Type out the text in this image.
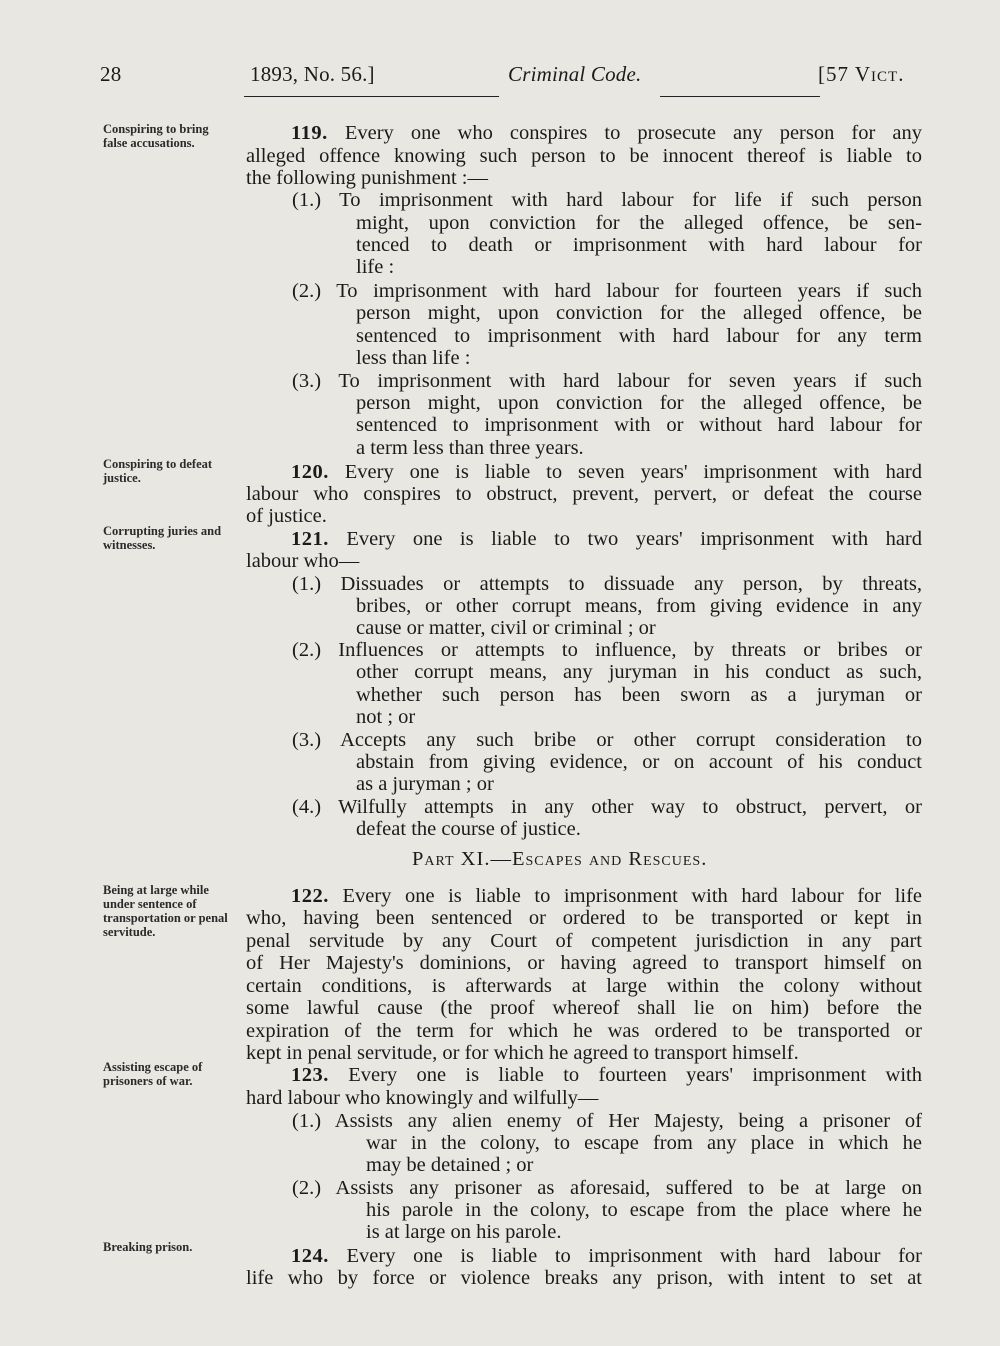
28	1893, No. 56.]	Criminal Code.	[57 Vict.
Conspiring to bring false accusations.
Conspiring to defeat justice.
Corrupting juries and witnesses.
Being at large while under sentence of transportation or penal servitude.
Assisting escape of prisoners of war.
Breaking prison.
Part XI.—Escapes and Rescues.
119. Every one who conspires to prosecute any person for any
alleged offence knowing such person to be innocent thereof is liable to
the following punishment :—
(1.) To imprisonment with hard labour for life if such person
might, upon conviction for the alleged offence, be sen-
tenced to death or imprisonment with hard labour for
life :
(2.) To imprisonment with hard labour for fourteen years if such
person might, upon conviction for the alleged offence, be
sentenced to imprisonment with hard labour for any term
less than life :
(3.) To imprisonment with hard labour for seven years if such
person might, upon conviction for the alleged offence, be
sentenced to imprisonment with or without hard labour for
a term less than three years.
120. Every one is liable to seven years' imprisonment with hard
labour who conspires to obstruct, prevent, pervert, or defeat the course
of justice.
121. Every one is liable to two years' imprisonment with hard
labour who—
(1.) Dissuades or attempts to dissuade any person, by threats,
bribes, or other corrupt means, from giving evidence in any
cause or matter, civil or criminal ; or
(2.) Influences or attempts to influence, by threats or bribes or
other corrupt means, any juryman in his conduct as such,
whether such person has been sworn as a juryman or
not ; or
(3.) Accepts any such bribe or other corrupt consideration to
abstain from giving evidence, or on account of his conduct
as a juryman ; or
(4.) Wilfully attempts in any other way to obstruct, pervert, or
defeat the course of justice.
122. Every one is liable to imprisonment with hard labour for life
who, having been sentenced or ordered to be transported or kept in
penal servitude by any Court of competent jurisdiction in any part
of Her Majesty's dominions, or having agreed to transport himself on
certain conditions, is afterwards at large within the colony without
some lawful cause (the proof whereof shall lie on him) before the
expiration of the term for which he was ordered to be transported or
kept in penal servitude, or for which he agreed to transport himself.
123. Every one is liable to fourteen years' imprisonment with
hard labour who knowingly and wilfully—
(1.) Assists any alien enemy of Her Majesty, being a prisoner of
war in the colony, to escape from any place in which he
may be detained ; or
(2.) Assists any prisoner as aforesaid, suffered to be at large on
his parole in the colony, to escape from the place where he
is at large on his parole.
124. Every one is liable to imprisonment with hard labour for
life who by force or violence breaks any prison, with intent to set at
